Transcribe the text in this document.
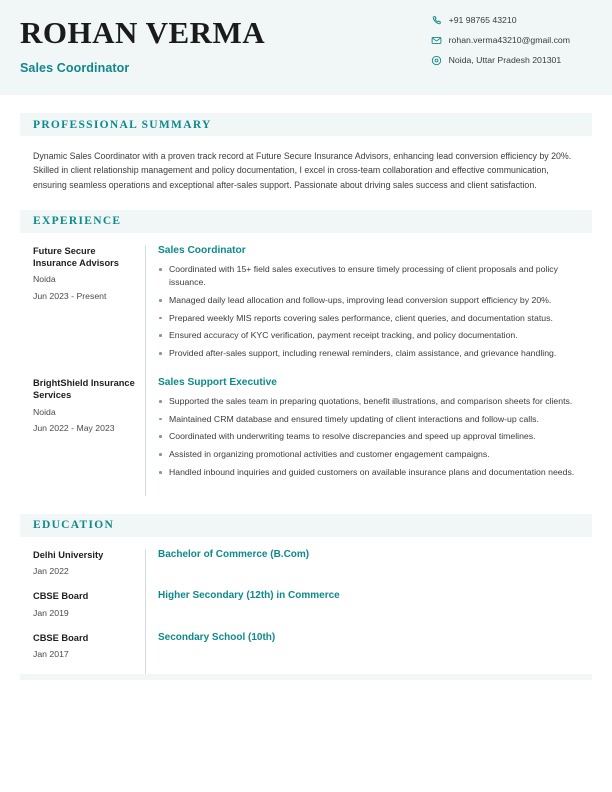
ROHAN VERMA
Sales Coordinator
+91 98765 43210
rohan.verma43210@gmail.com
Noida, Uttar Pradesh 201301
PROFESSIONAL SUMMARY
Dynamic Sales Coordinator with a proven track record at Future Secure Insurance Advisors, enhancing lead conversion efficiency by 20%. Skilled in client relationship management and policy documentation, I excel in cross-team collaboration and effective communication, ensuring seamless operations and exceptional after-sales support. Passionate about driving sales success and client satisfaction.
EXPERIENCE
Future Secure Insurance Advisors
Noida
Jun 2023 - Present
Sales Coordinator
Coordinated with 15+ field sales executives to ensure timely processing of client proposals and policy issuance.
Managed daily lead allocation and follow-ups, improving lead conversion support efficiency by 20%.
Prepared weekly MIS reports covering sales performance, client queries, and documentation status.
Ensured accuracy of KYC verification, payment receipt tracking, and policy documentation.
Provided after-sales support, including renewal reminders, claim assistance, and grievance handling.
BrightShield Insurance Services
Noida
Jun 2022 - May 2023
Sales Support Executive
Supported the sales team in preparing quotations, benefit illustrations, and comparison sheets for clients.
Maintained CRM database and ensured timely updating of client interactions and follow-up calls.
Coordinated with underwriting teams to resolve discrepancies and speed up approval timelines.
Assisted in organizing promotional activities and customer engagement campaigns.
Handled inbound inquiries and guided customers on available insurance plans and documentation needs.
EDUCATION
Delhi University
Jan 2022
Bachelor of Commerce (B.Com)
CBSE Board
Jan 2019
Higher Secondary (12th) in Commerce
CBSE Board
Jan 2017
Secondary School (10th)
